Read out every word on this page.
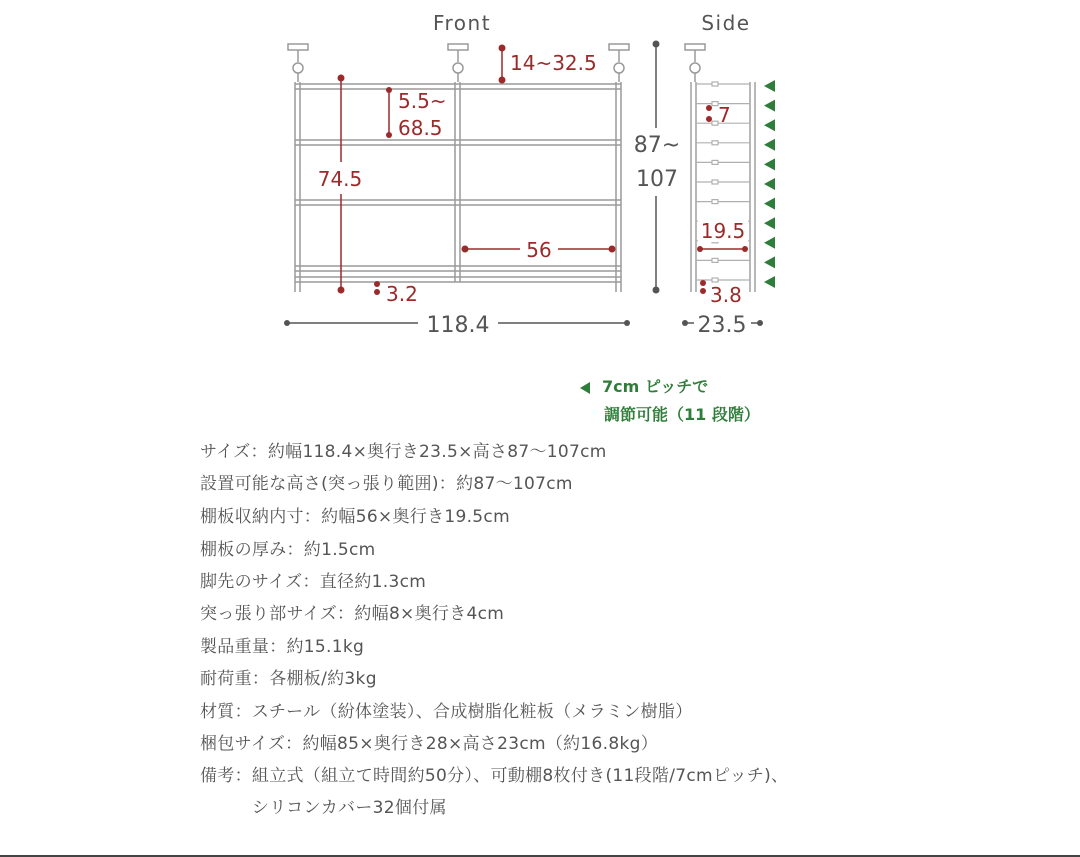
Front	Side
14~32.5
5.5~
68.5
74.5
56
3.2
118.4
87~
107
7
19.5
3.8
23.5
7cm ピッチで
調節可能（11 段階）
サイズ：約幅118.4×奥行き23.5×高さ87～107cm
設置可能な高さ(突っ張り範囲)：約87～107cm
棚板収納内寸：約幅56×奥行き19.5cm
棚板の厚み：約1.5cm
脚先のサイズ：直径約1.3cm
突っ張り部サイズ：約幅8×奥行き4cm
製品重量：約15.1kg
耐荷重：各棚板/約3kg
材質：スチール（紛体塗装）、合成樹脂化粧板（メラミン樹脂）
梱包サイズ：約幅85×奥行き28×高さ23cm（約16.8kg）
備考：組立式（組立て時間約50分）、可動棚8枚付き(11段階/7cmピッチ)、
　　　シリコンカバー32個付属
